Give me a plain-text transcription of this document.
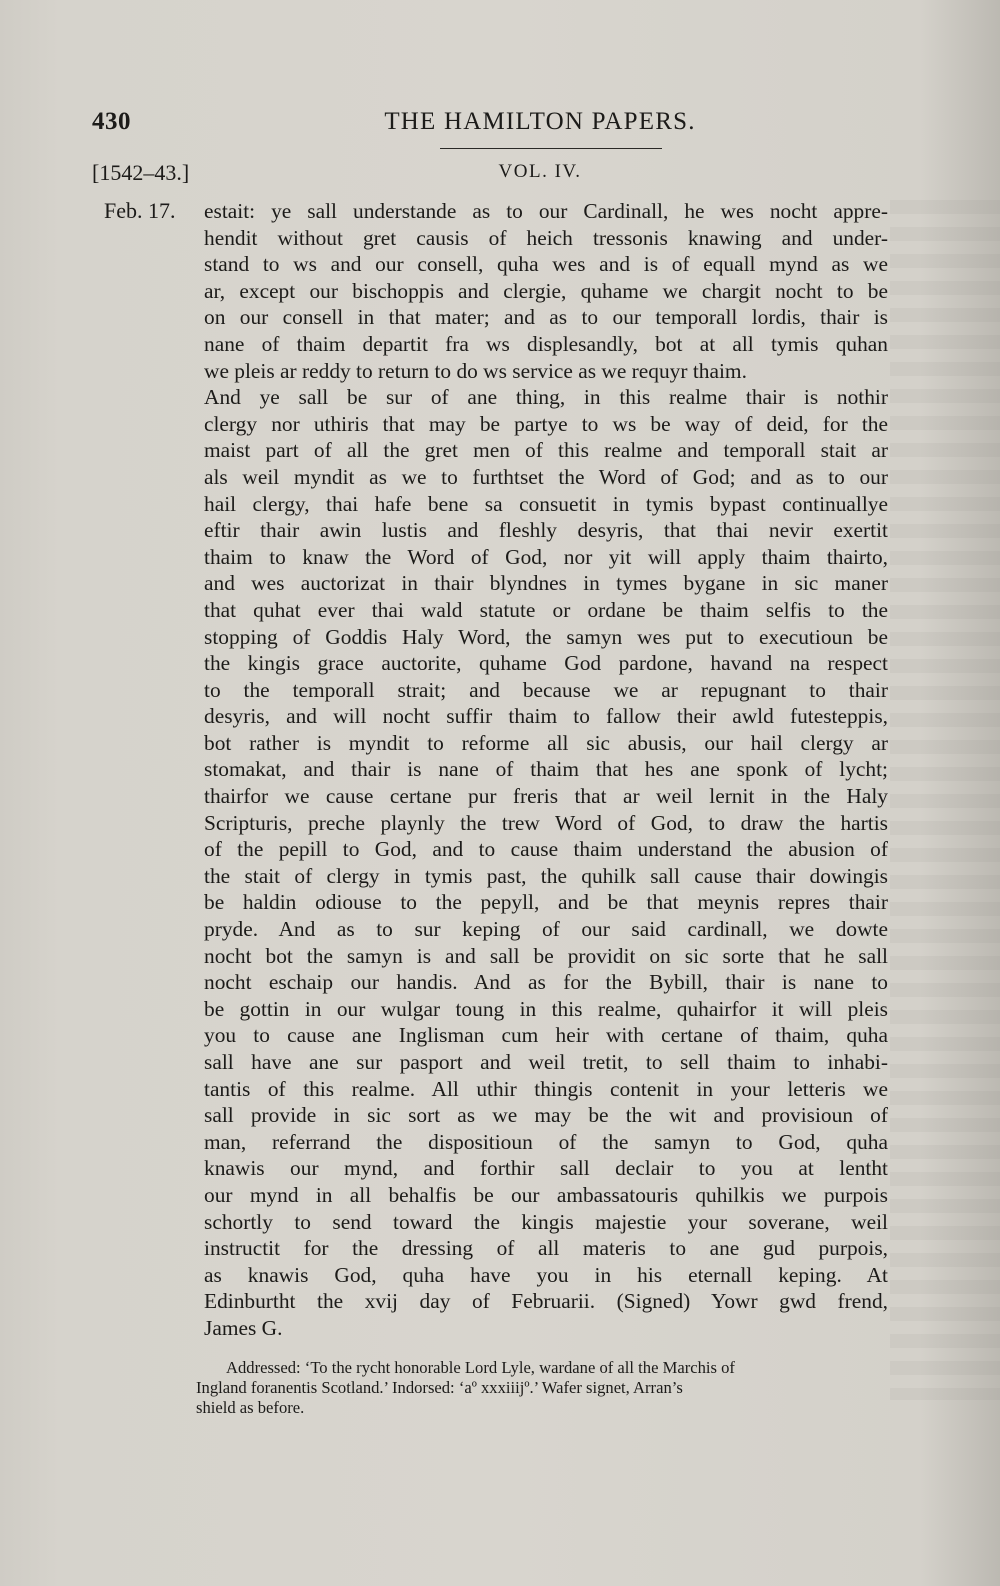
430	THE HAMILTON PAPERS.
[1542–43.]	VOL. IV.
Feb. 17. estait: ye sall understande as to our Cardinall, he wes nocht appre-
hendit without gret causis of heich tressonis knawing and under-
stand to ws and our consell, quha wes and is of equall mynd as we
ar, except our bischoppis and clergie, quhame we chargit nocht to be
on our consell in that mater; and as to our temporall lordis, thair is
nane of thaim departit fra ws displesandly, bot at all tymis quhan
we pleis ar reddy to return to do ws service as we requyr thaim.
And ye sall be sur of ane thing, in this realme thair is nothir
clergy nor uthiris that may be partye to ws be way of deid, for the
maist part of all the gret men of this realme and temporall stait ar
als weil myndit as we to furthtset the Word of God; and as to our
hail clergy, thai hafe bene sa consuetit in tymis bypast continuallye
eftir thair awin lustis and fleshly desyris, that thai nevir exertit
thaim to knaw the Word of God, nor yit will apply thaim thairto,
and wes auctorizat in thair blyndnes in tymes bygane in sic maner
that quhat ever thai wald statute or ordane be thaim selfis to the
stopping of Goddis Haly Word, the samyn wes put to executioun be
the kingis grace auctorite, quhame God pardone, havand na respect
to the temporall strait; and because we ar repugnant to thair
desyris, and will nocht suffir thaim to fallow their awld futesteppis,
bot rather is myndit to reforme all sic abusis, our hail clergy ar
stomakat, and thair is nane of thaim that hes ane sponk of lycht;
thairfor we cause certane pur freris that ar weil lernit in the Haly
Scripturis, preche playnly the trew Word of God, to draw the hartis
of the pepill to God, and to cause thaim understand the abusion of
the stait of clergy in tymis past, the quhilk sall cause thair dowingis
be haldin odiouse to the pepyll, and be that meynis repres thair
pryde. And as to sur keping of our said cardinall, we dowte
nocht bot the samyn is and sall be providit on sic sorte that he sall
nocht eschaip our handis. And as for the Bybill, thair is nane to
be gottin in our wulgar toung in this realme, quhairfor it will pleis
you to cause ane Inglisman cum heir with certane of thaim, quha
sall have ane sur pasport and weil tretit, to sell thaim to inhabi-
tantis of this realme. All uthir thingis contenit in your letteris we
sall provide in sic sort as we may be the wit and provisioun of
man, referrand the dispositioun of the samyn to God, quha
knawis our mynd, and forthir sall declair to you at lentht
our mynd in all behalfis be our ambassatouris quhilkis we purpois
schortly to send toward the kingis majestie your soverane, weil
instructit for the dressing of all materis to ane gud purpois,
as knawis God, quha have you in his eternall keping. At
Edinburtht the xvij day of Februarii. (Signed) Yowr gwd frend,
James G.
Addressed: ‘To the rycht honorable Lord Lyle, wardane of all the Marchis of
Ingland foranentis Scotland.’ Indorsed: ‘aº xxxiiijº.’ Wafer signet, Arran’s
shield as before.
